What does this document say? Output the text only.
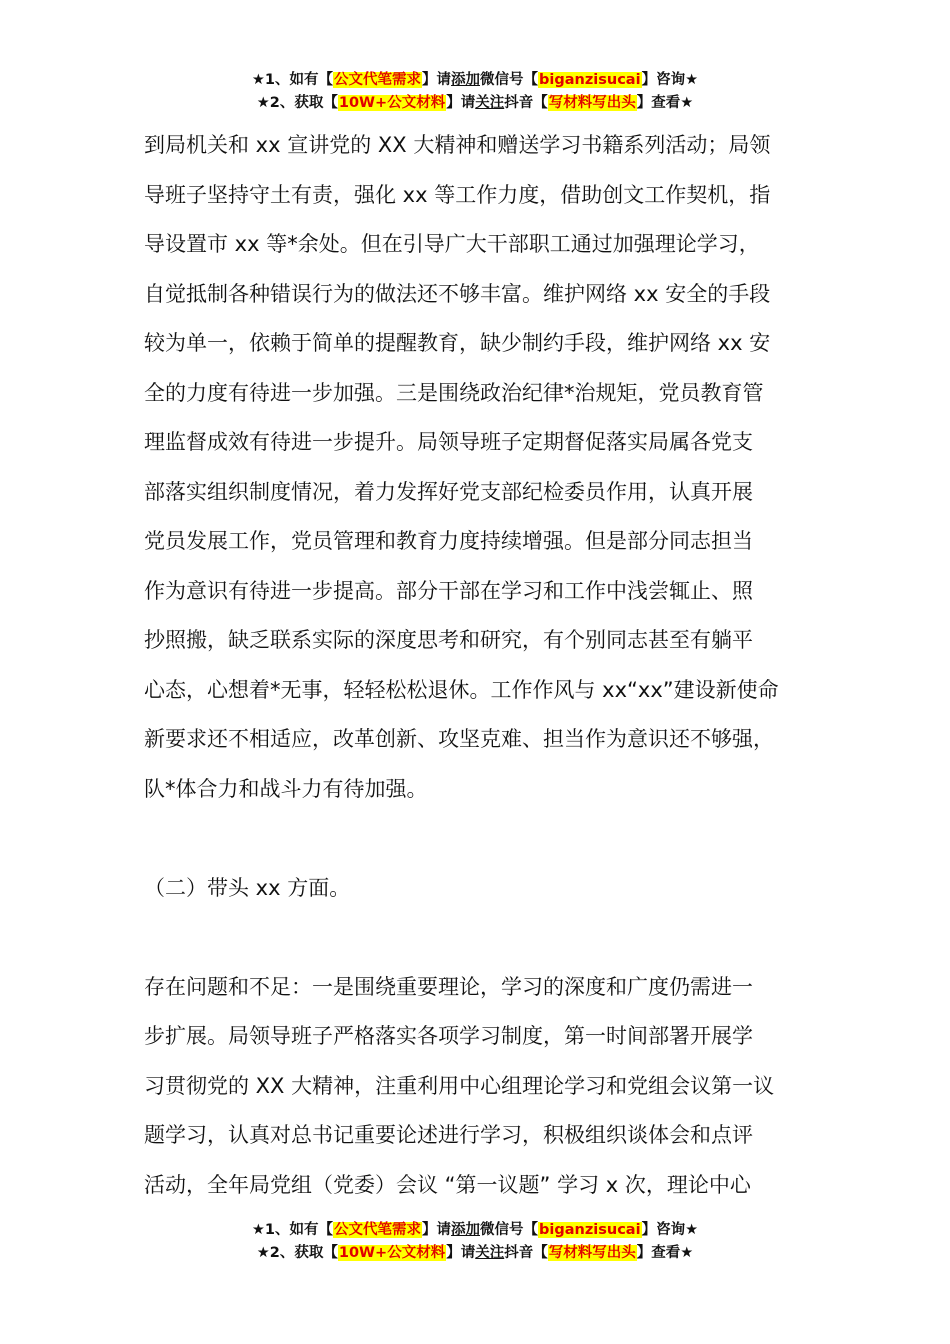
★1、如有【公文代笔需求】请添加微信号【biganzisucai】咨询★
★2、获取【10W+公文材料】请关注抖音【写材料写出头】查看★

到局机关和 xx 宣讲党的 XX 大精神和赠送学习书籍系列活动；局领

导班子坚持守土有责，强化 xx 等工作力度，借助创文工作契机，指

导设置市 xx 等*余处。但在引导广大干部职工通过加强理论学习，

自觉抵制各种错误行为的做法还不够丰富。维护网络 xx 安全的手段

较为单一，依赖于简单的提醒教育，缺少制约手段，维护网络 xx 安

全的力度有待进一步加强。三是围绕政治纪律*治规矩，党员教育管

理监督成效有待进一步提升。局领导班子定期督促落实局属各党支

部落实组织制度情况，着力发挥好党支部纪检委员作用，认真开展

党员发展工作，党员管理和教育力度持续增强。但是部分同志担当

作为意识有待进一步提高。部分干部在学习和工作中浅尝辄止、照

抄照搬，缺乏联系实际的深度思考和研究，有个别同志甚至有躺平

心态，心想着*无事，轻轻松松退休。工作作风与 xx“xx”建设新使命

新要求还不相适应，改革创新、攻坚克难、担当作为意识还不够强，

队*体合力和战斗力有待加强。

（二）带头 xx 方面。

存在问题和不足：一是围绕重要理论，学习的深度和广度仍需进一

步扩展。局领导班子严格落实各项学习制度，第一时间部署开展学

习贯彻党的 XX 大精神，注重利用中心组理论学习和党组会议第一议

题学习，认真对总书记重要论述进行学习，积极组织谈体会和点评

活动，全年局党组（党委）会议 “第一议题” 学习 x 次，理论中心

★1、如有【公文代笔需求】请添加微信号【biganzisucai】咨询★
★2、获取【10W+公文材料】请关注抖音【写材料写出头】查看★
